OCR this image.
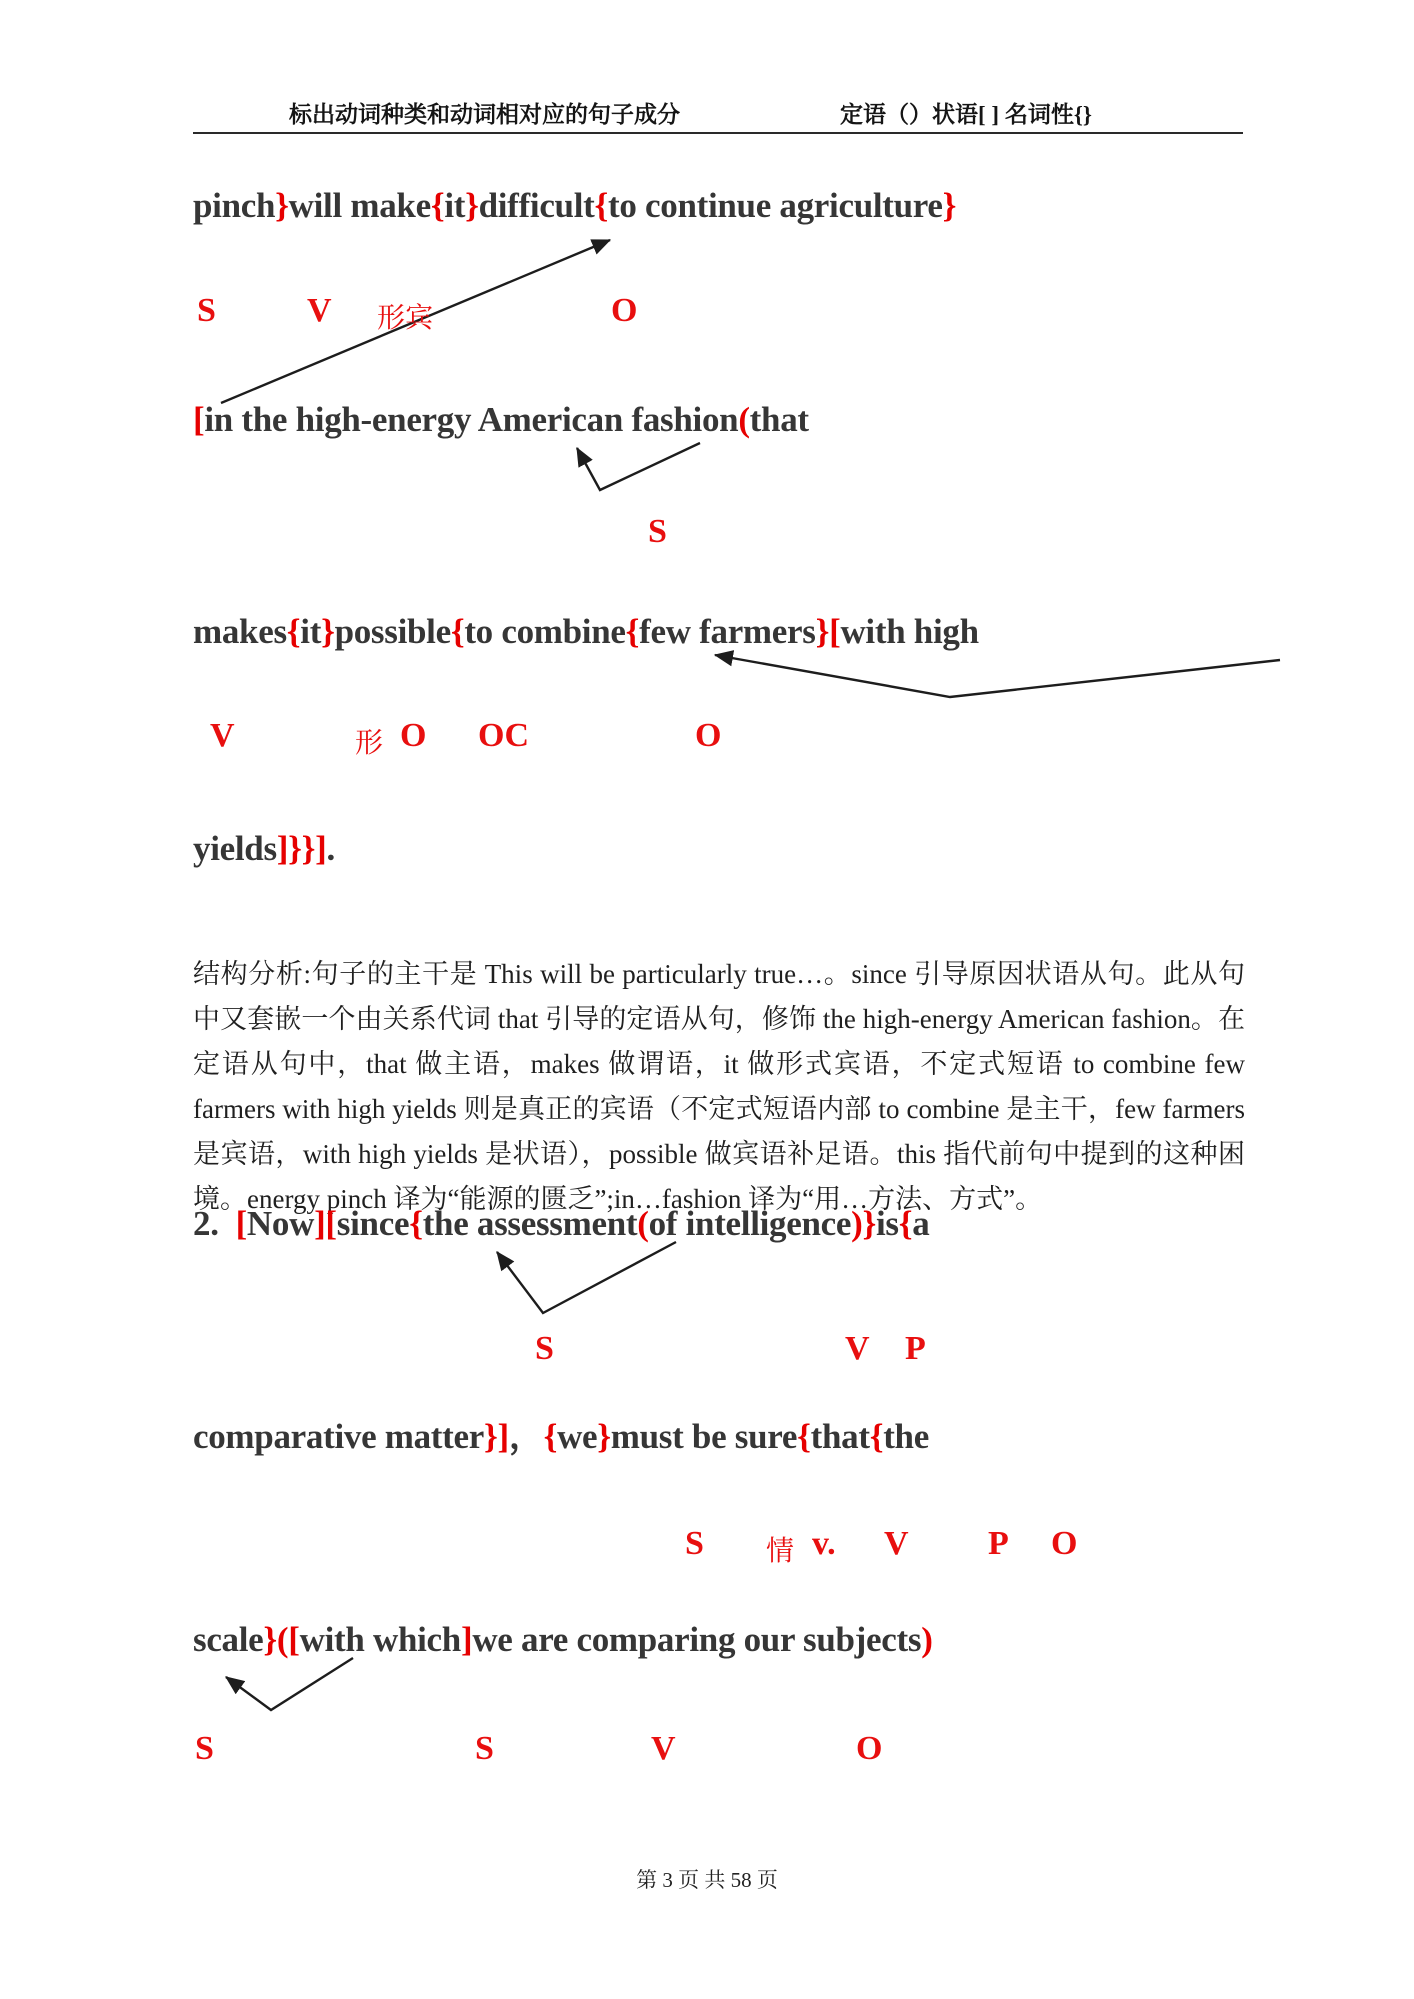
标出动词种类和动词相对应的句子成分	定语（）状语[ ] 名词性{}
pinch}will make{it}difficult{to continue agriculture}
S	V 形宾	O
[in the high-energy American fashion(that
S
makes{it}possible{to combine{few farmers}[with high
V	形 O OC	O
yields]}}].

结构分析:句子的主干是 This will be particularly true…。since 引导原因状语从句。此从句中又套嵌一个由关系代词 that 引导的定语从句，修饰 the high-energy American fashion。在定语从句中，that 做主语，makes 做谓语，it 做形式宾语，不定式短语 to combine few farmers with high yields 则是真正的宾语（不定式短语内部 to combine 是主干，few farmers 是宾语，with high yields 是状语），possible 做宾语补足语。this 指代前句中提到的这种困境。energy pinch 译为“能源的匮乏”;in…fashion 译为“用…方法、方式”。

2.  [Now][since{the assessment(of intelligence)}is{a
S	V P
comparative matter}]，{we}must be sure{that{the
S 情 v. V P O
scale}([with which]we are comparing our subjects)
S	S	V	O
第 3 页 共 58 页
